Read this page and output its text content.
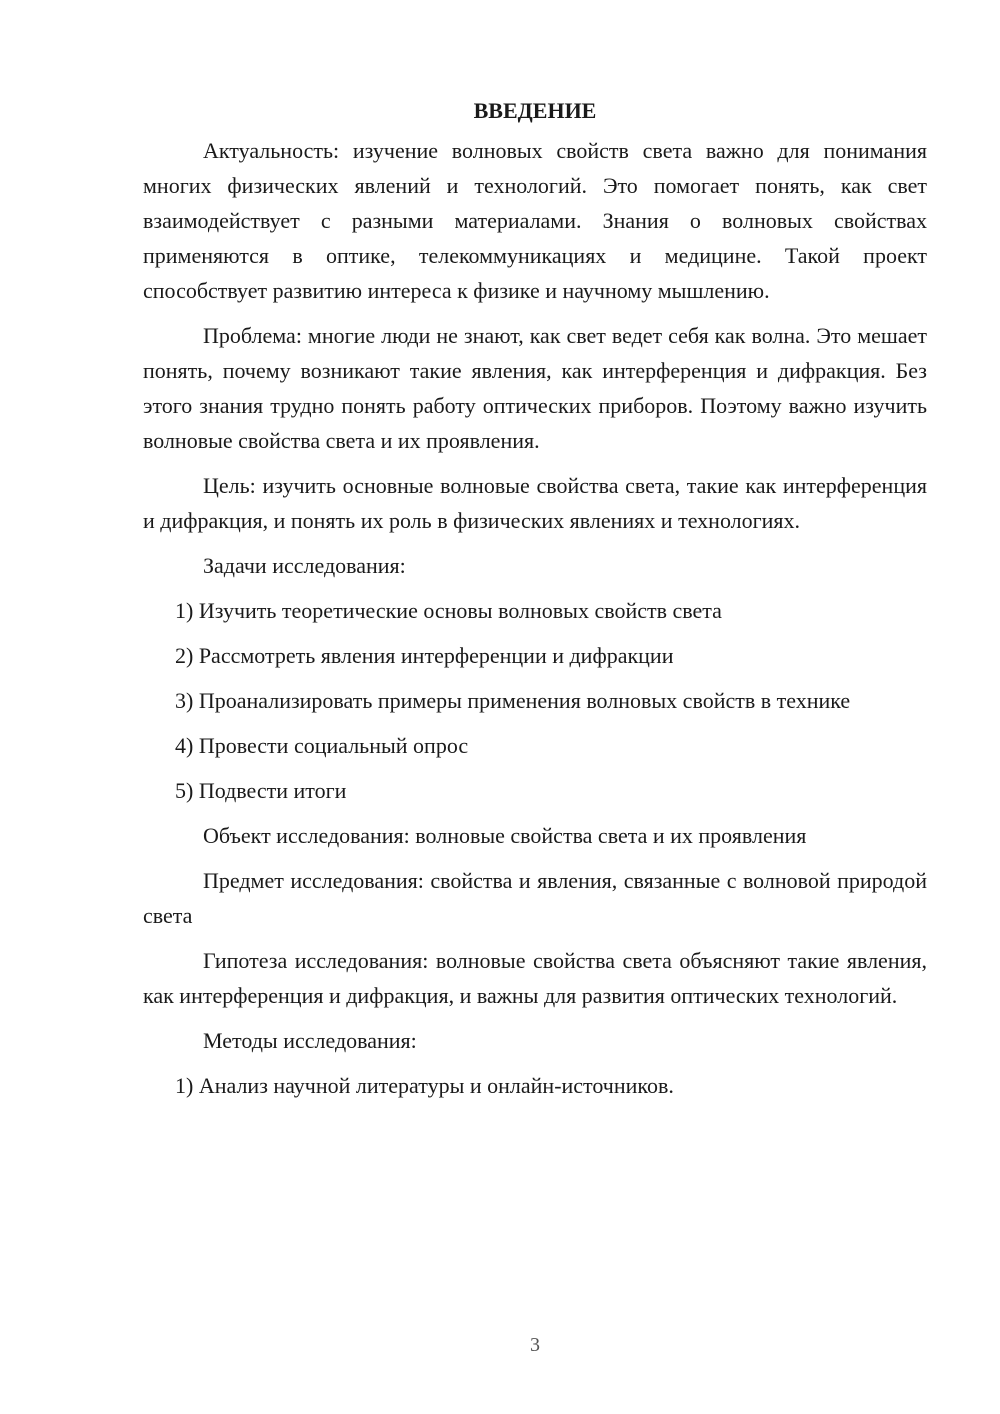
ВВЕДЕНИЕ

Актуальность: изучение волновых свойств света важно для понимания многих физических явлений и технологий. Это помогает понять, как свет взаимодействует с разными материалами. Знания о волновых свойствах применяются в оптике, телекоммуникациях и медицине. Такой проект способствует развитию интереса к физике и научному мышлению.

Проблема: многие люди не знают, как свет ведет себя как волна. Это мешает понять, почему возникают такие явления, как интерференция и дифракция. Без этого знания трудно понять работу оптических приборов. Поэтому важно изучить волновые свойства света и их проявления.

Цель: изучить основные волновые свойства света, такие как интерференция и дифракция, и понять их роль в физических явлениях и технологиях.

Задачи исследования:

1) Изучить теоретические основы волновых свойств света

2) Рассмотреть явления интерференции и дифракции

3) Проанализировать примеры применения волновых свойств в технике

4) Провести социальный опрос

5) Подвести итоги

Объект исследования: волновые свойства света и их проявления

Предмет исследования: свойства и явления, связанные с волновой природой света

Гипотеза исследования: волновые свойства света объясняют такие явления, как интерференция и дифракция, и важны для развития оптических технологий.

Методы исследования:

1) Анализ научной литературы и онлайн-источников.

3
